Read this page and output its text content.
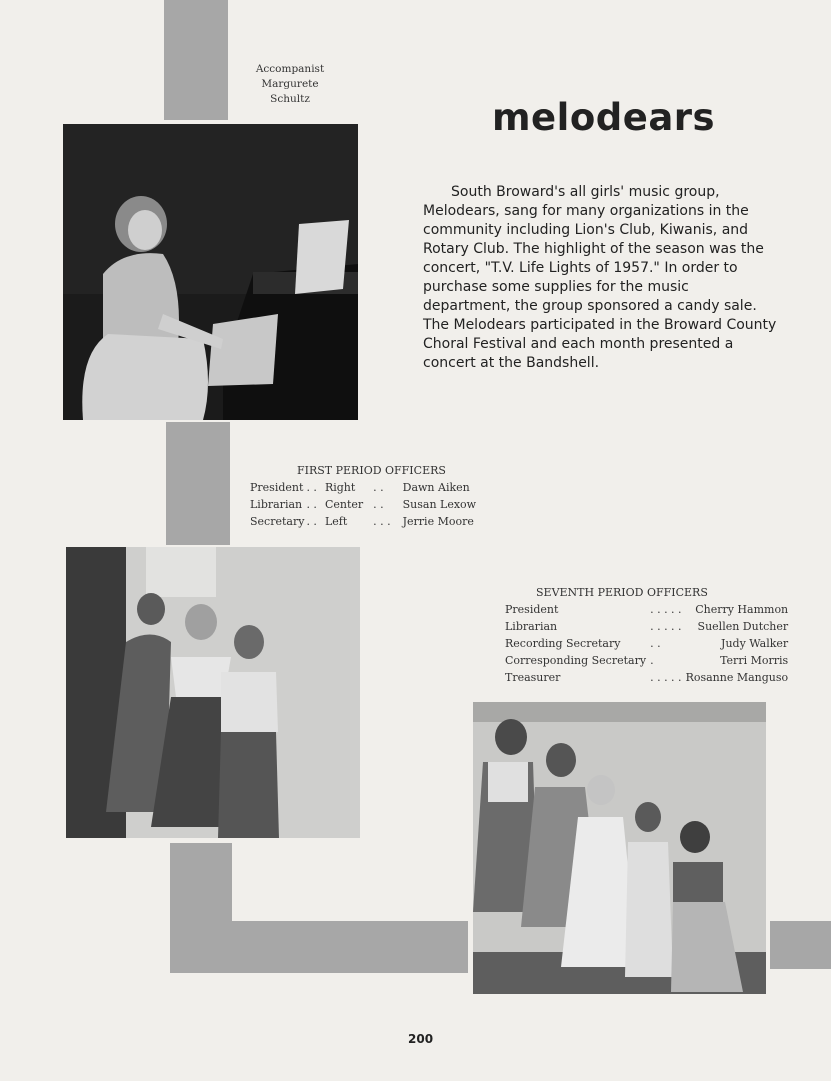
Accompanist
Margurete
Schultz	melodears

South Broward's all girls' music group, Melodears, sang for many organizations in the community including Lion's Club, Kiwanis, and Rotary Club. The highlight of the season was the concert, "T.V. Life Lights of 1957." In order to purchase some supplies for the music department, the group sponsored a candy sale. The Melodears participated in the Broward County Choral Festival and each month presented a concert at the Bandshell.

FIRST PERIOD OFFICERS
President	. .	Right	. .	Dawn Aiken
Librarian	. .	Center	. .	Susan Lexow
Secretary	. .	Left	. . .	Jerrie Moore
SEVENTH PERIOD OFFICERS
President	. . . . .	Cherry Hammon
Librarian	. . . . .	Suellen Dutcher
Recording Secretary	. .	Judy Walker
Corresponding Secretary	.	Terri Morris
Treasurer	. . . . .	Rosanne Manguso
200
